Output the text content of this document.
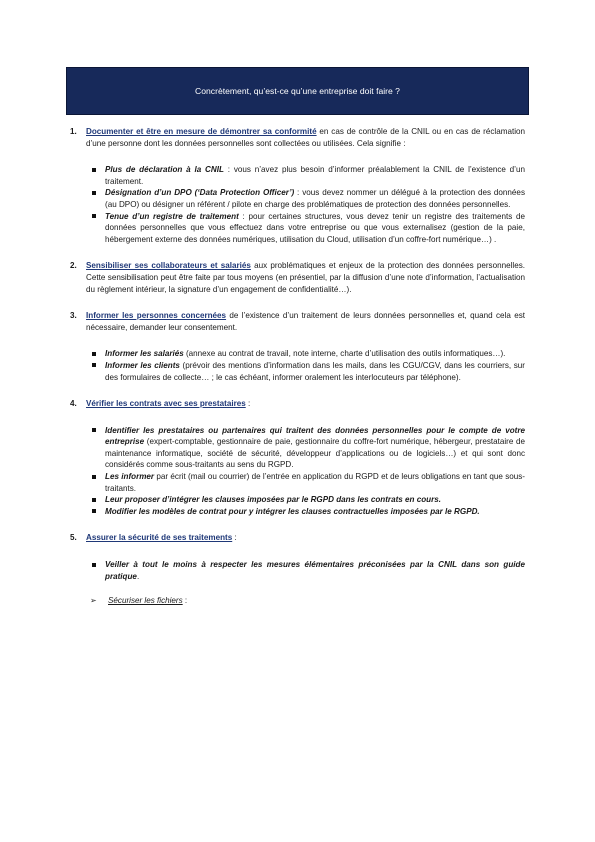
Concrètement, qu’est-ce qu’une entreprise doit faire ?

1. Documenter et être en mesure de démontrer sa conformité en cas de contrôle de la CNIL ou en cas de réclamation d’une personne dont les données personnelles sont collectées ou utilisées. Cela signifie :

Plus de déclaration à la CNIL : vous n’avez plus besoin d’informer préalablement la CNIL de l’existence d’un traitement.
Désignation d’un DPO (‘Data Protection Officer’) : vous devez nommer un délégué à la protection des données (au DPO) ou désigner un référent / pilote en charge des problématiques de protection des données personnelles.
Tenue d’un registre de traitement : pour certaines structures, vous devez tenir un registre des traitements de données personnelles que vous effectuez dans votre entreprise ou que vous externalisez (gestion de la paie, hébergement externe des données numériques, utilisation du Cloud, utilisation d’un coffre-fort numérique…) .

2. Sensibiliser ses collaborateurs et salariés aux problématiques et enjeux de la protection des données personnelles. Cette sensibilisation peut être faite par tous moyens (en présentiel, par la diffusion d’une note d’information, l’actualisation du règlement intérieur, la signature d’un engagement de confidentialité…).

3. Informer les personnes concernées de l’existence d’un traitement de leurs données personnelles et, quand cela est nécessaire, demander leur consentement.

Informer les salariés (annexe au contrat de travail, note interne, charte d’utilisation des outils informatiques…).
Informer les clients (prévoir des mentions d’information dans les mails, dans les CGU/CGV, dans les courriers, sur des formulaires de collecte… ; le cas échéant, informer oralement les interlocuteurs par téléphone).

4. Vérifier les contrats avec ses prestataires :

Identifier les prestataires ou partenaires qui traitent des données personnelles pour le compte de votre entreprise (expert-comptable, gestionnaire de paie, gestionnaire du coffre-fort numérique, hébergeur, prestataire de maintenance informatique, société de sécurité, développeur d’applications ou de logiciels…) et qui sont donc considérés comme sous-traitants au sens du RGPD.
Les informer par écrit (mail ou courrier) de l’entrée en application du RGPD et de leurs obligations en tant que sous-traitants.
Leur proposer d’intégrer les clauses imposées par le RGPD dans les contrats en cours.
Modifier les modèles de contrat pour y intégrer les clauses contractuelles imposées par le RGPD.

5. Assurer la sécurité de ses traitements :

Veiller à tout le moins à respecter les mesures élémentaires préconisées par la CNIL dans son guide pratique.
➢ Sécuriser les fichiers :
